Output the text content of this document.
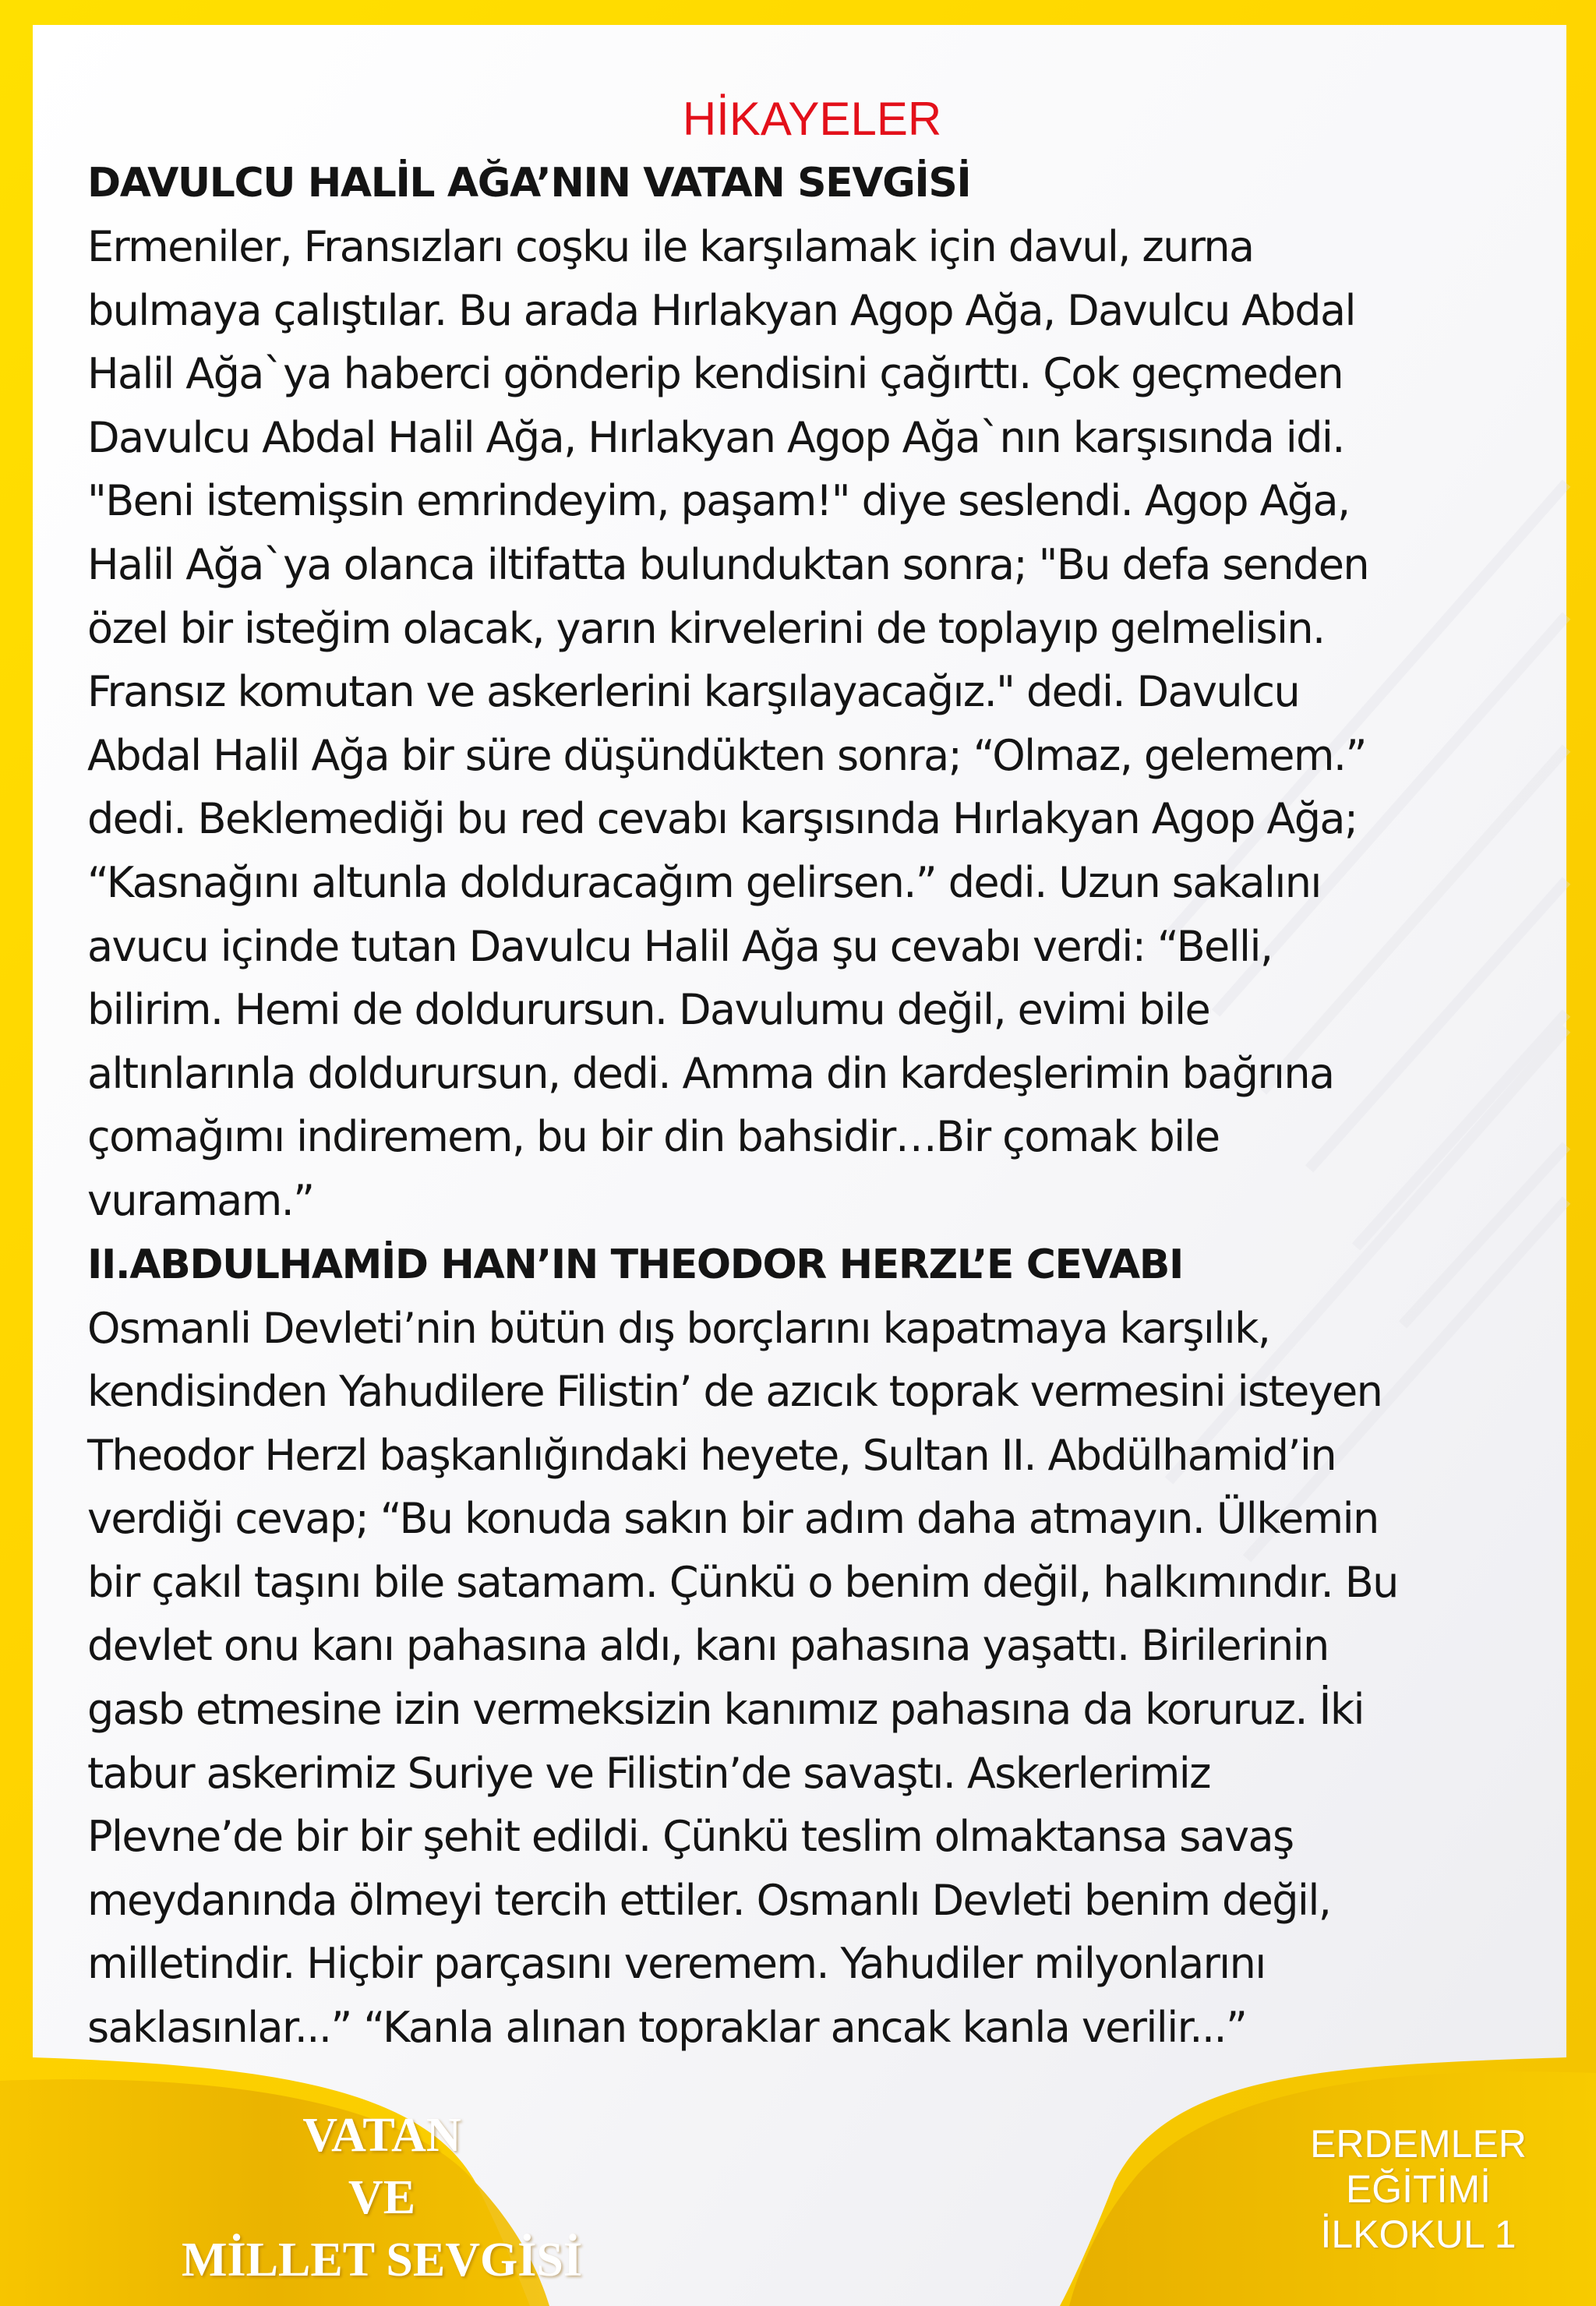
HİKAYELER
DAVULCU HALİL AĞA’NIN VATAN SEVGİSİ
Ermeniler, Fransızları coşku ile karşılamak için davul, zurna
bulmaya çalıştılar. Bu arada Hırlakyan Agop Ağa, Davulcu Abdal
Halil Ağa`ya haberci gönderip kendisini çağırttı. Çok geçmeden
Davulcu Abdal Halil Ağa, Hırlakyan Agop Ağa`nın karşısında idi.
"Beni istemişsin emrindeyim, paşam!" diye seslendi. Agop Ağa,
Halil Ağa`ya olanca iltifatta bulunduktan sonra; "Bu defa senden
özel bir isteğim olacak, yarın kirvelerini de toplayıp gelmelisin.
Fransız komutan ve askerlerini karşılayacağız." dedi. Davulcu
Abdal Halil Ağa bir süre düşündükten sonra; “Olmaz, gelemem.”
dedi. Beklemediği bu red cevabı karşısında Hırlakyan Agop Ağa;
“Kasnağını altunla dolduracağım gelirsen.” dedi. Uzun sakalını
avucu içinde tutan Davulcu Halil Ağa şu cevabı verdi: “Belli,
bilirim. Hemi de doldurursun. Davulumu değil, evimi bile
altınlarınla doldurursun, dedi. Amma din kardeşlerimin bağrına
çomağımı indiremem, bu bir din bahsidir…Bir çomak bile
vuramam.”
II.ABDULHAMİD HAN’IN THEODOR HERZL’E CEVABI
Osmanli Devleti’nin bütün dış borçlarını kapatmaya karşılık,
kendisinden Yahudilere Filistin’ de azıcık toprak vermesini isteyen
Theodor Herzl başkanlığındaki heyete, Sultan II. Abdülhamid’in
verdiği cevap; “Bu konuda sakın bir adım daha atmayın. Ülkemin
bir çakıl taşını bile satamam. Çünkü o benim değil, halkımındır. Bu
devlet onu kanı pahasına aldı, kanı pahasına yaşattı. Birilerinin
gasb etmesine izin vermeksizin kanımız pahasına da koruruz. İki
tabur askerimiz Suriye ve Filistin’de savaştı. Askerlerimiz
Plevne’de bir bir şehit edildi. Çünkü teslim olmaktansa savaş
meydanında ölmeyi tercih ettiler. Osmanlı Devleti benim değil,
milletindir. Hiçbir parçasını veremem. Yahudiler milyonlarını
saklasınlar...” “Kanla alınan topraklar ancak kanla verilir...”
VATAN
VE
MİLLET SEVGİSİ
ERDEMLER
EĞİTİMİ
İLKOKUL 1
